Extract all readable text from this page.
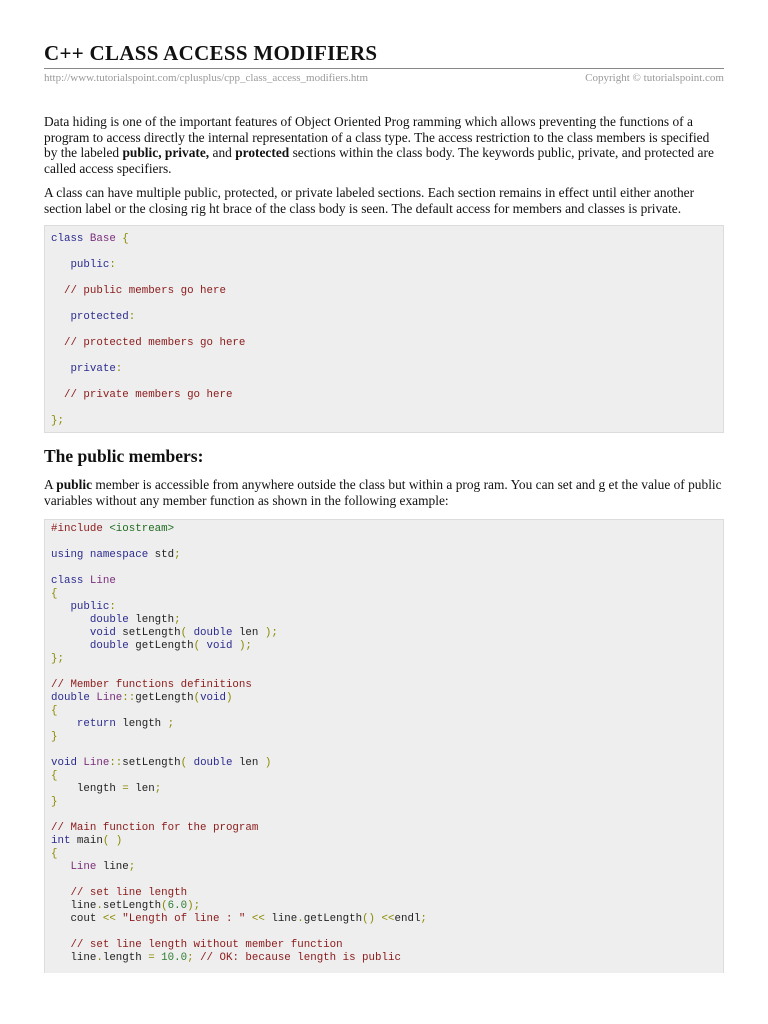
C++ CLASS ACCESS MODIFIERS
http://www.tutorialspoint.com/cplusplus/cpp_class_access_modifiers.htm	Copyright © tutorialspoint.com

Data hiding is one of the important features of Object Oriented Prog ramming which allows preventing the functions of a program to access directly the internal representation of a class type. The access restriction to the class members is specified by the labeled public, private, and protected sections within the class body. The keywords public, private, and protected are called access specifiers.

A class can have multiple public, protected, or private labeled sections. Each section remains in effect until either another section label or the closing rig ht brace of the class body is seen. The default access for members and classes is private.

class Base {
public:
// public members go here
protected:
// protected members go here
private:
// private members go here
};
The public members:

A public member is accessible from anywhere outside the class but within a prog ram. You can set and g et the value of public variables without any member function as shown in the following example:

#include <iostream>

using namespace std;

class Line
{
public:
double length;
void setLength( double len );
double getLength( void );
};

// Member functions definitions
double Line::getLength(void)
{
return length ;
}

void Line::setLength( double len )
{
length = len;
}

// Main function for the program
int main( )
{
Line line;

// set line length
line.setLength(6.0);
cout << "Length of line : " << line.getLength() <<endl;

// set line length without member function
line.length = 10.0; // OK: because length is public
